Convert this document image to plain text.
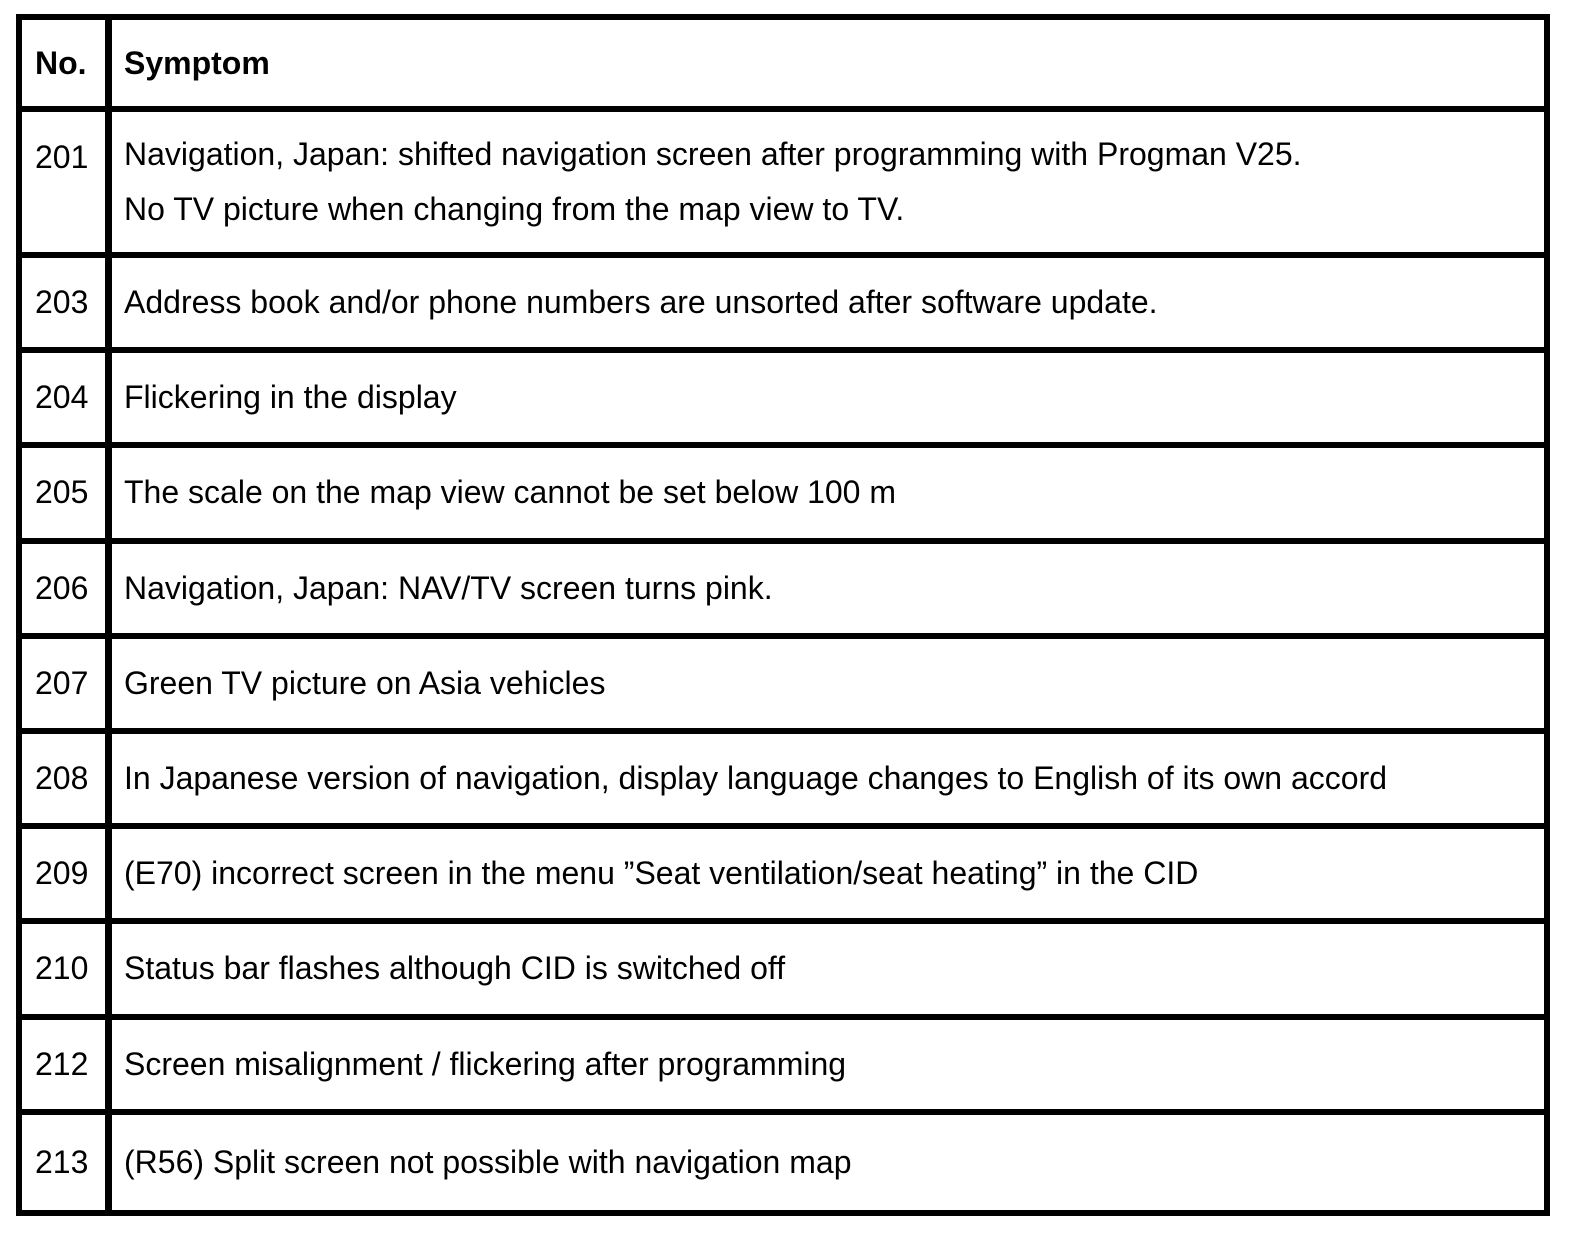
No.	Symptom
201	Navigation, Japan: shifted navigation screen after programming with Progman V25.
No TV picture when changing from the map view to TV.
203	Address book and/or phone numbers are unsorted after software update.
204	Flickering in the display
205	The scale on the map view cannot be set below 100 m
206	Navigation, Japan: NAV/TV screen turns pink.
207	Green TV picture on Asia vehicles
208	In Japanese version of navigation, display language changes to English of its own accord
209	(E70) incorrect screen in the menu ”Seat ventilation/seat heating” in the CID
210	Status bar flashes although CID is switched off
212	Screen misalignment / flickering after programming
213	(R56) Split screen not possible with navigation map
